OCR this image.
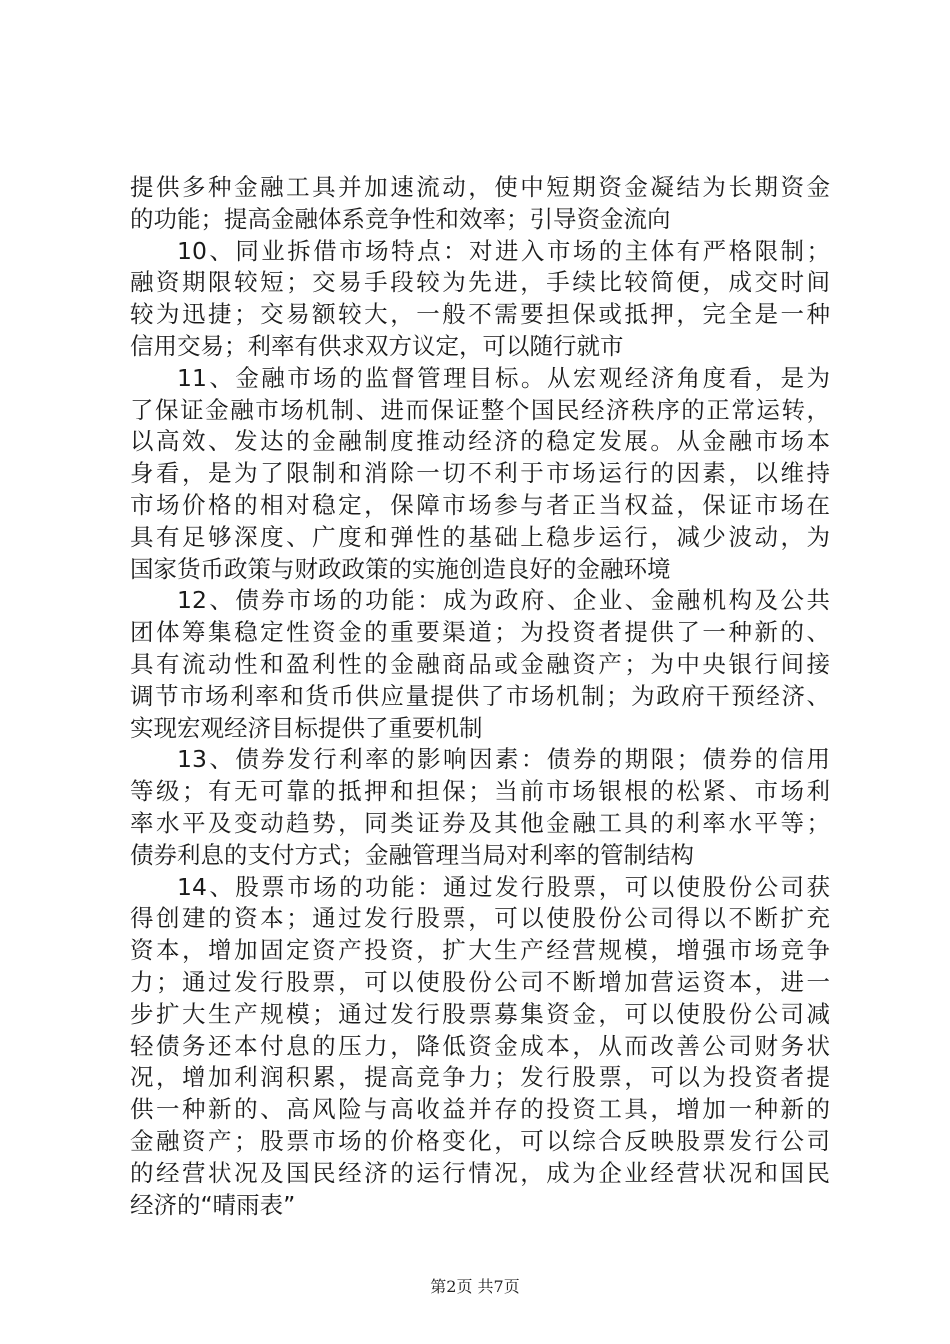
提供多种金融工具并加速流动，使中短期资金凝结为长期资金
的功能；提高金融体系竞争性和效率；引导资金流向
10、同业拆借市场特点：对进入市场的主体有严格限制；
融资期限较短；交易手段较为先进，手续比较简便，成交时间
较为迅捷；交易额较大，一般不需要担保或抵押，完全是一种
信用交易；利率有供求双方议定，可以随行就市
11、金融市场的监督管理目标。从宏观经济角度看，是为
了保证金融市场机制、进而保证整个国民经济秩序的正常运转，
以高效、发达的金融制度推动经济的稳定发展。从金融市场本
身看，是为了限制和消除一切不利于市场运行的因素，以维持
市场价格的相对稳定，保障市场参与者正当权益，保证市场在
具有足够深度、广度和弹性的基础上稳步运行，减少波动，为
国家货币政策与财政政策的实施创造良好的金融环境
12、债券市场的功能：成为政府、企业、金融机构及公共
团体筹集稳定性资金的重要渠道；为投资者提供了一种新的、
具有流动性和盈利性的金融商品或金融资产；为中央银行间接
调节市场利率和货币供应量提供了市场机制；为政府干预经济、
实现宏观经济目标提供了重要机制
13、债券发行利率的影响因素：债券的期限；债券的信用
等级；有无可靠的抵押和担保；当前市场银根的松紧、市场利
率水平及变动趋势，同类证券及其他金融工具的利率水平等；
债券利息的支付方式；金融管理当局对利率的管制结构
14、股票市场的功能：通过发行股票，可以使股份公司获
得创建的资本；通过发行股票，可以使股份公司得以不断扩充
资本，增加固定资产投资，扩大生产经营规模，增强市场竞争
力；通过发行股票，可以使股份公司不断增加营运资本，进一
步扩大生产规模；通过发行股票募集资金，可以使股份公司减
轻债务还本付息的压力，降低资金成本，从而改善公司财务状
况，增加利润积累，提高竞争力；发行股票，可以为投资者提
供一种新的、高风险与高收益并存的投资工具，增加一种新的
金融资产；股票市场的价格变化，可以综合反映股票发行公司
的经营状况及国民经济的运行情况，成为企业经营状况和国民
经济的“晴雨表”
第2页 共7页
